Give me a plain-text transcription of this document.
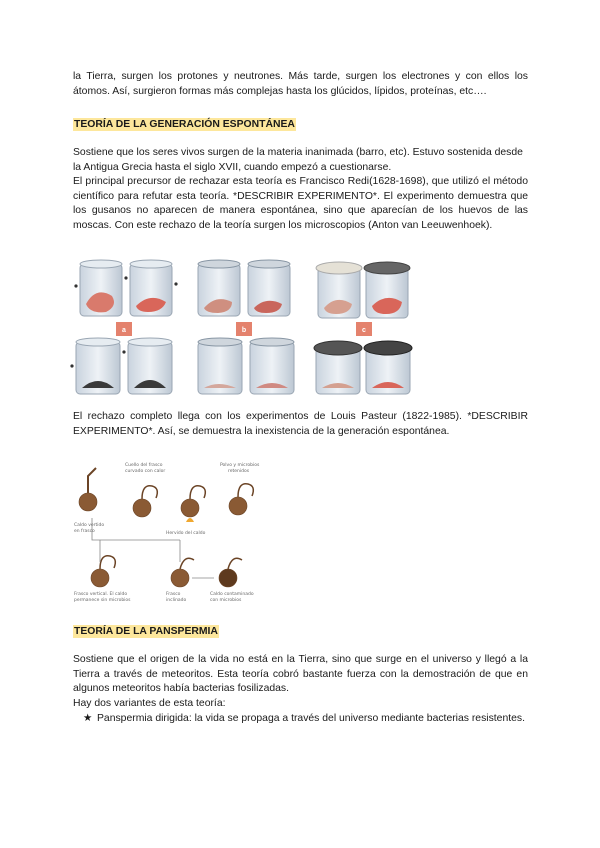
la Tierra, surgen los protones y neutrones. Más tarde, surgen los electrones y con ellos los átomos. Así, surgieron formas más complejas hasta los glúcidos, lípidos, proteínas, etc….

TEORÍA DE LA GENERACIÓN ESPONTÁNEA

Sostiene que los seres vivos surgen de la materia inanimada (barro, etc). Estuvo sostenida desde la Antigua Grecia hasta el siglo XVII, cuando empezó a cuestionarse.

El principal precursor de rechazar esta teoría es Francisco Redi(1628-1698), que utilizó el método científico para refutar esta teoría. *DESCRIBIR EXPERIMENTO*. El experimento demuestra que los gusanos no aparecen de manera espontánea, sino que aparecían de los huevos de las moscas. Con este rechazo de la teoría surgen los microscopios (Anton van Leeuwenhoek).

a	b	c

El rechazo completo llega con los experimentos de Louis Pasteur (1822-1985). *DESCRIBIR EXPERIMENTO*. Así, se demuestra la inexistencia de la generación espontánea.

Cuello del frasco
curvado con calor
Polvo y microbios
retenidos
Caldo vertido
en frasco	Hervido del caldo
Frasco vertical. El caldo
permanece sin microbios
Frasco
inclinado
Caldo contaminado
con microbios
TEORÍA DE LA PANSPERMIA

Sostiene que el origen de la vida no está en la Tierra, sino que surge en el universo y llegó a la Tierra a través de meteoritos. Esta teoría cobró bastante fuerza con la demostración de que en algunos meteoritos había bacterias fosilizadas.

Hay dos variantes de esta teoría:

★ Panspermia dirigida: la vida se propaga a través del universo mediante bacterias resistentes.
